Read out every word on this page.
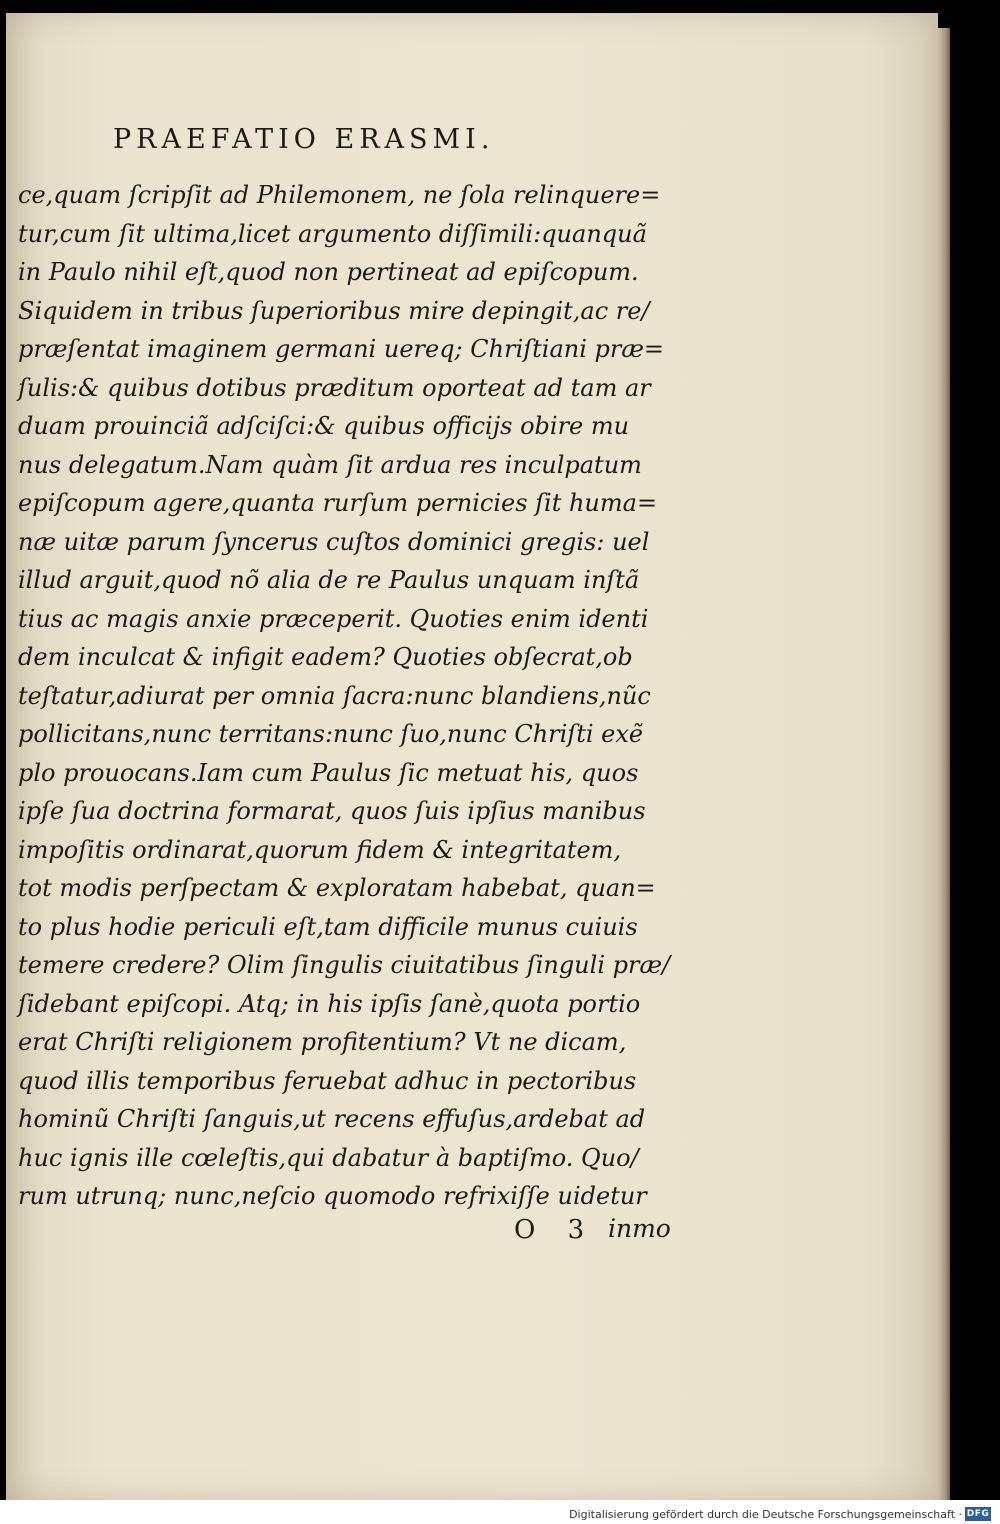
PRAEFATIO ERASMI.
ce,quam ſcripſit ad Philemonem, ne ſola relinquere=
tur,cum ſit ultima,licet argumento diſſimili:quanquã
in Paulo nihil eſt,quod non pertineat ad epiſcopum.
Siquidem in tribus ſuperioribus mire depingit,ac re/
præſentat imaginem germani uereq; Chriſtiani præ=
ſulis:& quibus dotibus præditum oporteat ad tam ar
duam prouinciã adſciſci:& quibus officijs obire mu
nus delegatum.Nam quàm ſit ardua res inculpatum
epiſcopum agere,quanta rurſum pernicies ſit huma=
næ uitæ parum ſyncerus cuſtos dominici gregis: uel
illud arguit,quod nõ alia de re Paulus unquam inſtã
tius ac magis anxie præceperit. Quoties enim identi
dem inculcat & infigit eadem? Quoties obſecrat,ob
teſtatur,adiurat per omnia ſacra:nunc blandiens,nũc
pollicitans,nunc territans:nunc ſuo,nunc Chriſti exẽ
plo prouocans.Iam cum Paulus ſic metuat his, quos
ipſe ſua doctrina formarat, quos ſuis ipſius manibus
impoſitis ordinarat,quorum fidem & integritatem,
tot modis perſpectam & exploratam habebat, quan=
to plus hodie periculi eſt,tam difficile munus cuiuis
temere credere? Olim ſingulis ciuitatibus ſinguli præ/
ſidebant epiſcopi. Atq; in his ipſis ſanè,quota portio
erat Chriſti religionem profitentium? Vt ne dicam,
quod illis temporibus feruebat adhuc in pectoribus
hominũ Chriſti ſanguis,ut recens effuſus,ardebat ad
huc ignis ille cœleſtis,qui dabatur à baptiſmo. Quo/
rum utrunq; nunc,neſcio quomodo refrixiſſe uidetur
O 3 inmo
Digitalisierung gefördert durch die Deutsche Forschungsgemeinschaft · DFG
